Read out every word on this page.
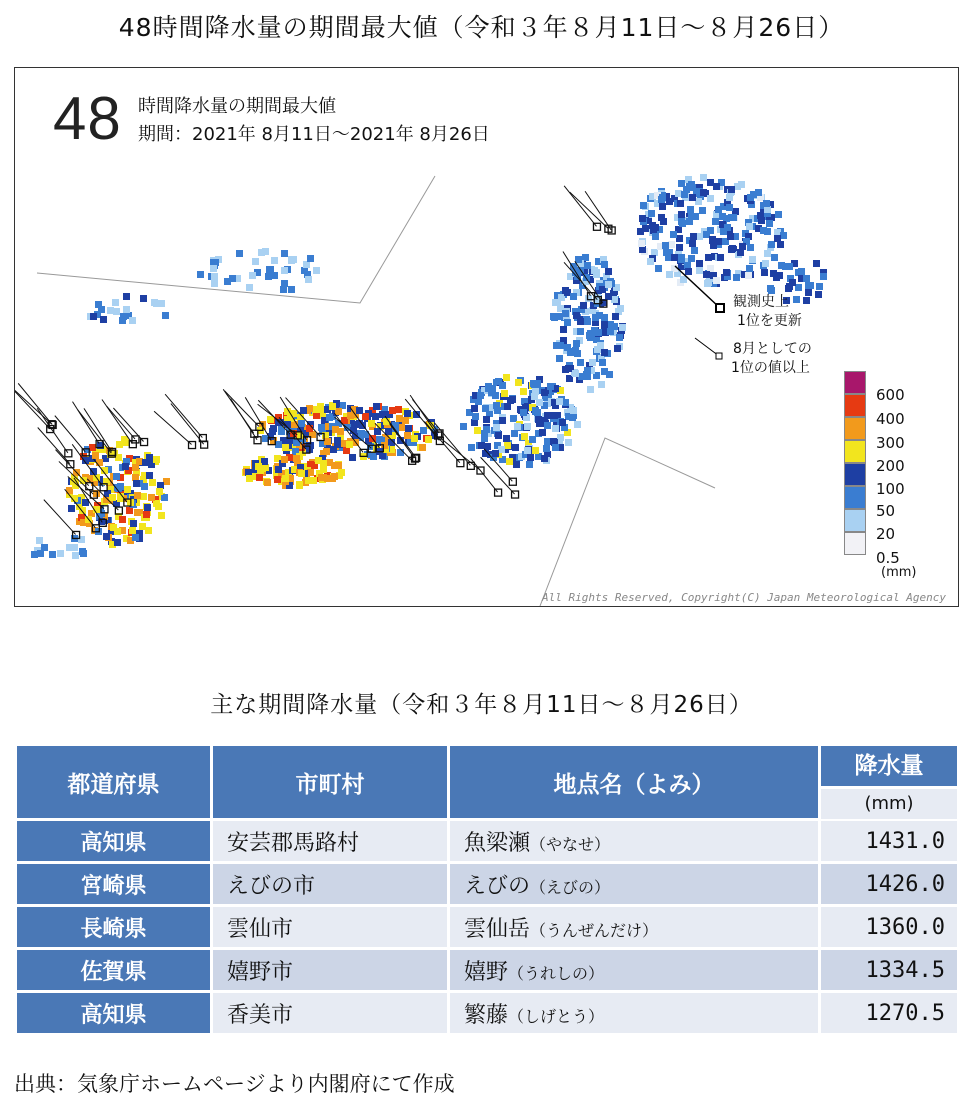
48時間降水量の期間最大値（令和３年８月11日～８月26日）
48 時間降水量の期間最大値
期間：2021年 8月11日～2021年 8月26日
観測史上
1位を更新
8月としての
1位の値以上
600
400
300
200
100
50
20
0.5
(mm)
All Rights Reserved, Copyright(C) Japan Meteorological Agency
主な期間降水量（令和３年８月11日～８月26日）
都道府県	市町村	地点名（よみ）	降水量
(mm)

高知県	安芸郡馬路村	魚梁瀬（やなせ）	1431.0
宮崎県	えびの市	えびの（えびの）	1426.0
長崎県	雲仙市	雲仙岳（うんぜんだけ）	1360.0
佐賀県	嬉野市	嬉野（うれしの）	1334.5
高知県	香美市	繁藤（しげとう）	1270.5
出典：気象庁ホームページより内閣府にて作成
